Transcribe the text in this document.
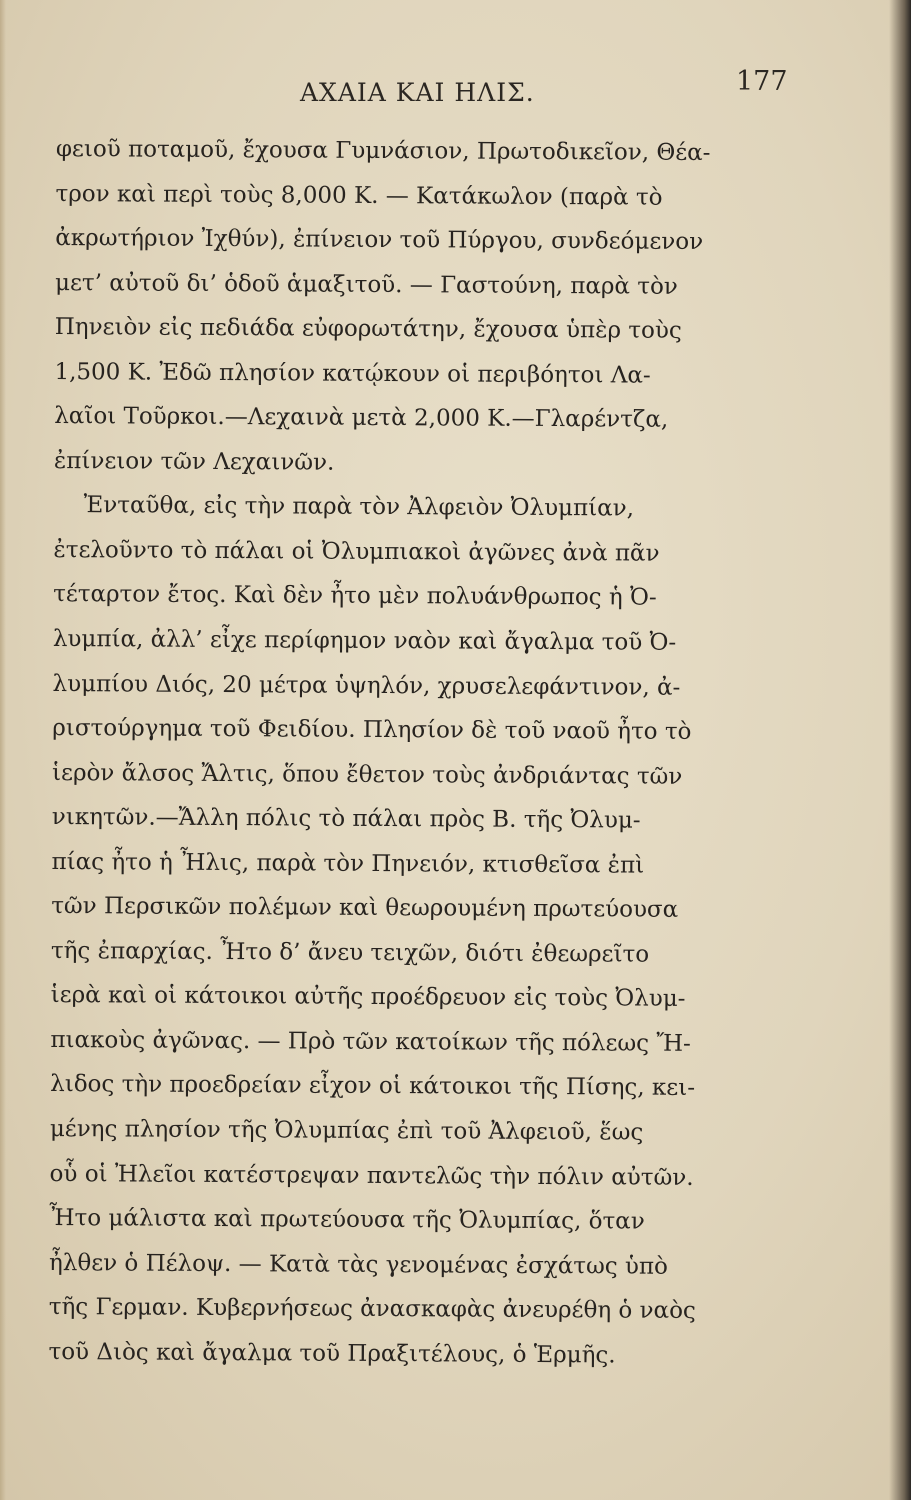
ΑΧΑΙΑ ΚΑΙ ΗΛΙΣ.	177
φειοῦ ποταμοῦ, ἔχουσα Γυμνάσιον, Πρωτοδικεῖον, Θέα-
τρον καὶ περὶ τοὺς 8,000 Κ. — Κατάκωλον (παρὰ τὸ
ἀκρωτήριον Ἰχθύν), ἐπίνειον τοῦ Πύργου, συνδεόμενον
μετ’ αὐτοῦ δι’ ὁδοῦ ἁμαξιτοῦ. — Γαστούνη, παρὰ τὸν
Πηνειὸν εἰς πεδιάδα εὐφορωτάτην, ἔχουσα ὑπὲρ τοὺς
1,500 Κ. Ἐδῶ πλησίον κατῴκουν οἱ περιβόητοι Λα-
λαῖοι Τοῦρκοι.—Λεχαινὰ μετὰ 2,000 Κ.—Γλαρέντζα,
ἐπίνειον τῶν Λεχαινῶν.
Ἐνταῦθα, εἰς τὴν παρὰ τὸν Ἀλφειὸν Ὀλυμπίαν,
ἐτελοῦντο τὸ πάλαι οἱ Ὀλυμπιακοὶ ἀγῶνες ἀνὰ πᾶν
τέταρτον ἔτος. Καὶ δὲν ἦτο μὲν πολυάνθρωπος ἡ Ὀ-
λυμπία, ἀλλ’ εἶχε περίφημον ναὸν καὶ ἄγαλμα τοῦ Ὀ-
λυμπίου Διός, 20 μέτρα ὑψηλόν, χρυσελεφάντινον, ἀ-
ριστούργημα τοῦ Φειδίου. Πλησίον δὲ τοῦ ναοῦ ἦτο τὸ
ἱερὸν ἄλσος Ἄλτις, ὅπου ἔθετον τοὺς ἀνδριάντας τῶν
νικητῶν.—Ἄλλη πόλις τὸ πάλαι πρὸς Β. τῆς Ὀλυμ-
πίας ἦτο ἡ Ἦλις, παρὰ τὸν Πηνειόν, κτισθεῖσα ἐπὶ
τῶν Περσικῶν πολέμων καὶ θεωρουμένη πρωτεύουσα
τῆς ἐπαρχίας. Ἦτο δ’ ἄνευ τειχῶν, διότι ἐθεωρεῖτο
ἱερὰ καὶ οἱ κάτοικοι αὐτῆς προέδρευον εἰς τοὺς Ὀλυμ-
πιακοὺς ἀγῶνας. — Πρὸ τῶν κατοίκων τῆς πόλεως Ἤ-
λιδος τὴν προεδρείαν εἶχον οἱ κάτοικοι τῆς Πίσης, κει-
μένης πλησίον τῆς Ὀλυμπίας ἐπὶ τοῦ Ἀλφειοῦ, ἕως
οὗ οἱ Ἠλεῖοι κατέστρεψαν παντελῶς τὴν πόλιν αὐτῶν.
Ἦτο μάλιστα καὶ πρωτεύουσα τῆς Ὀλυμπίας, ὅταν
ἦλθεν ὁ Πέλοψ. — Κατὰ τὰς γενομένας ἐσχάτως ὑπὸ
τῆς Γερμαν. Κυβερνήσεως ἀνασκαφὰς ἀνευρέθη ὁ ναὸς
τοῦ Διὸς καὶ ἄγαλμα τοῦ Πραξιτέλους, ὁ Ἑρμῆς.
